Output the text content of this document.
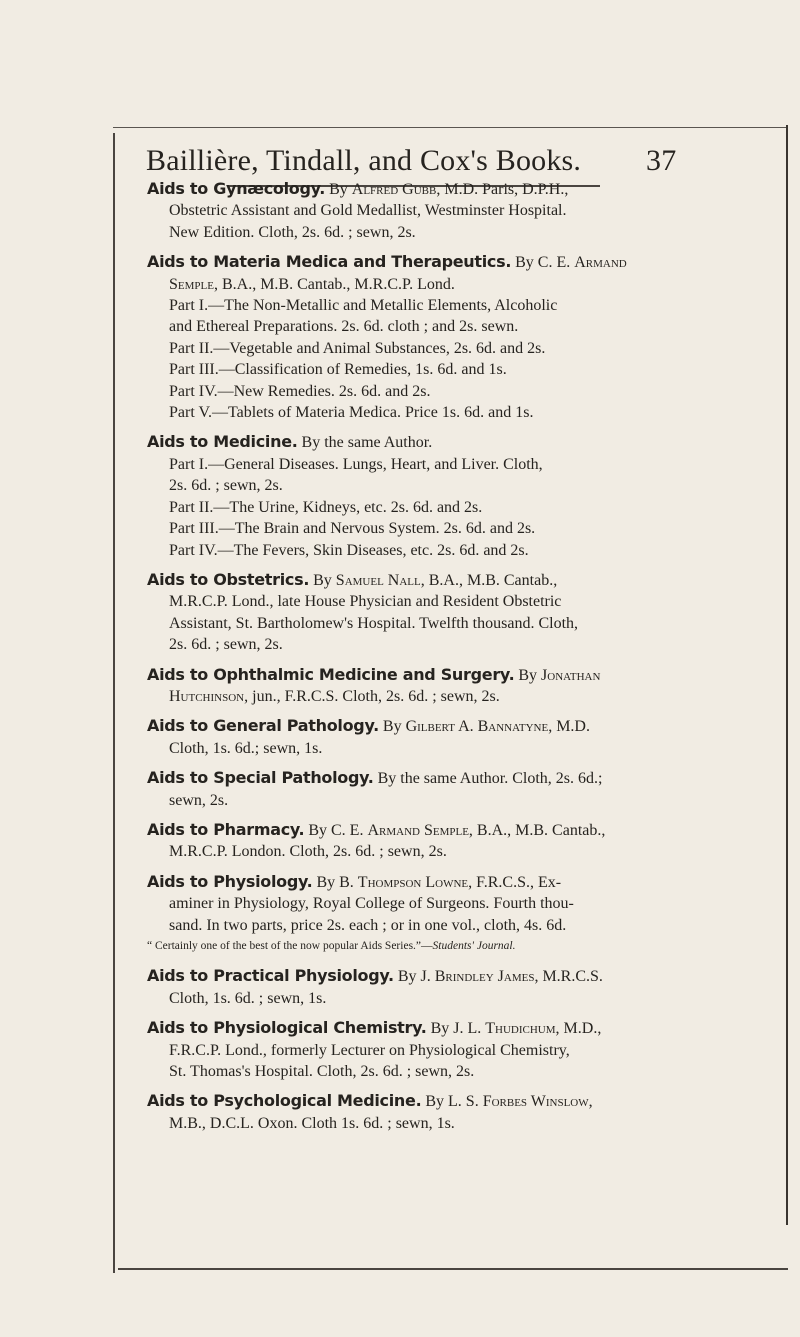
Baillière, Tindall, and Cox's Books. 37
Aids to Gynæcology. By Alfred Gubb, M.D. Paris, D.P.H.,
Obstetric Assistant and Gold Medallist, Westminster Hospital.
New Edition. Cloth, 2s. 6d. ; sewn, 2s.
Aids to Materia Medica and Therapeutics. By C. E. Armand
Semple, B.A., M.B. Cantab., M.R.C.P. Lond.
Part I.—The Non-Metallic and Metallic Elements, Alcoholic
and Ethereal Preparations. 2s. 6d. cloth ; and 2s. sewn.
Part II.—Vegetable and Animal Substances, 2s. 6d. and 2s.
Part III.—Classification of Remedies, 1s. 6d. and 1s.
Part IV.—New Remedies. 2s. 6d. and 2s.
Part V.—Tablets of Materia Medica. Price 1s. 6d. and 1s.
Aids to Medicine. By the same Author.
Part I.—General Diseases. Lungs, Heart, and Liver. Cloth,
2s. 6d. ; sewn, 2s.
Part II.—The Urine, Kidneys, etc. 2s. 6d. and 2s.
Part III.—The Brain and Nervous System. 2s. 6d. and 2s.
Part IV.—The Fevers, Skin Diseases, etc. 2s. 6d. and 2s.
Aids to Obstetrics. By Samuel Nall, B.A., M.B. Cantab.,
M.R.C.P. Lond., late House Physician and Resident Obstetric
Assistant, St. Bartholomew's Hospital. Twelfth thousand. Cloth,
2s. 6d. ; sewn, 2s.
Aids to Ophthalmic Medicine and Surgery. By Jonathan
Hutchinson, jun., F.R.C.S. Cloth, 2s. 6d. ; sewn, 2s.
Aids to General Pathology. By Gilbert A. Bannatyne, M.D.
Cloth, 1s. 6d.; sewn, 1s.
Aids to Special Pathology. By the same Author. Cloth, 2s. 6d.;
sewn, 2s.
Aids to Pharmacy. By C. E. Armand Semple, B.A., M.B. Cantab.,
M.R.C.P. London. Cloth, 2s. 6d. ; sewn, 2s.
Aids to Physiology. By B. Thompson Lowne, F.R.C.S., Ex-
aminer in Physiology, Royal College of Surgeons. Fourth thou-
sand. In two parts, price 2s. each ; or in one vol., cloth, 4s. 6d.
“ Certainly one of the best of the now popular Aids Series.”—Students' Journal.
Aids to Practical Physiology. By J. Brindley James, M.R.C.S.
Cloth, 1s. 6d. ; sewn, 1s.
Aids to Physiological Chemistry. By J. L. Thudichum, M.D.,
F.R.C.P. Lond., formerly Lecturer on Physiological Chemistry,
St. Thomas's Hospital. Cloth, 2s. 6d. ; sewn, 2s.
Aids to Psychological Medicine. By L. S. Forbes Winslow,
M.B., D.C.L. Oxon. Cloth 1s. 6d. ; sewn, 1s.
